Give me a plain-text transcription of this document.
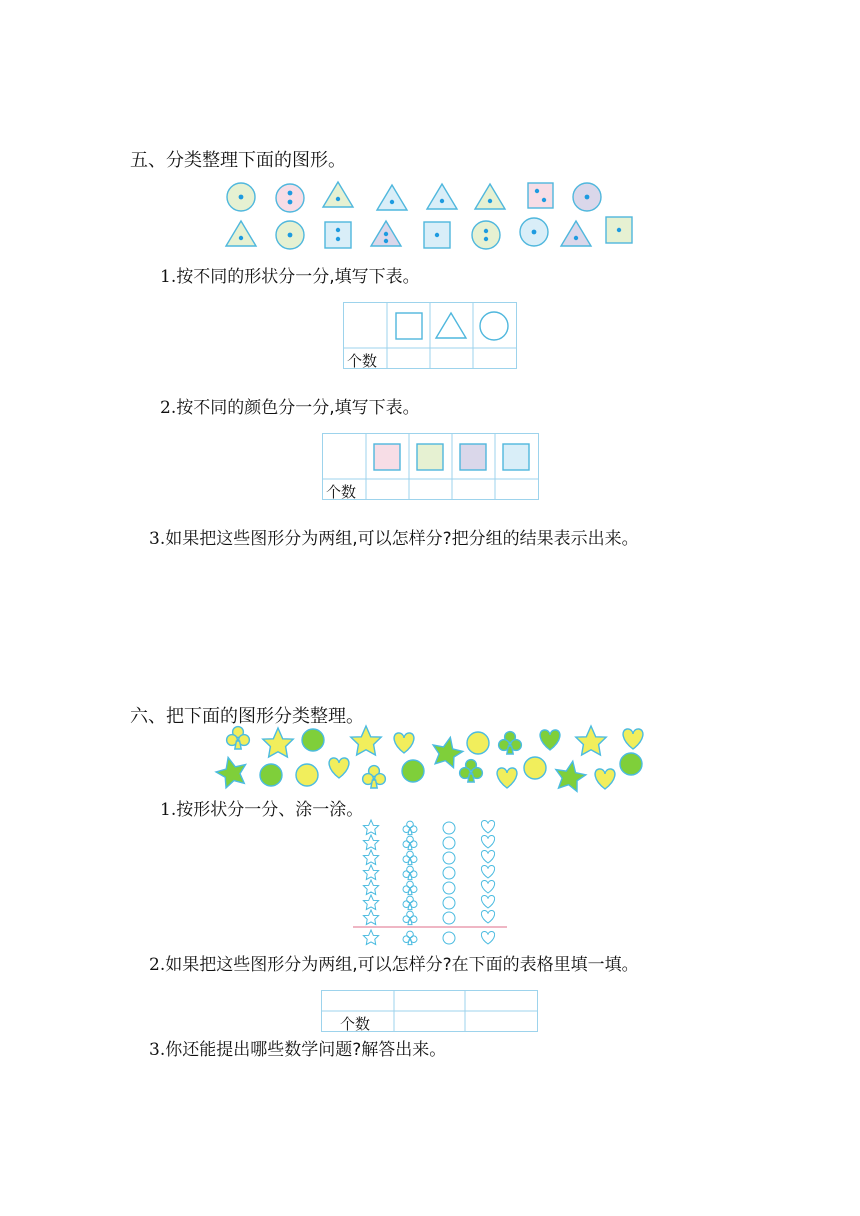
五、分类整理下面的图形。
1.按不同的形状分一分,填写下表。
个数
2.按不同的颜色分一分,填写下表。
个数
3.如果把这些图形分为两组,可以怎样分?把分组的结果表示出来。
六、把下面的图形分类整理。
1.按形状分一分、涂一涂。
2.如果把这些图形分为两组,可以怎样分?在下面的表格里填一填。
个数
3.你还能提出哪些数学问题?解答出来。
